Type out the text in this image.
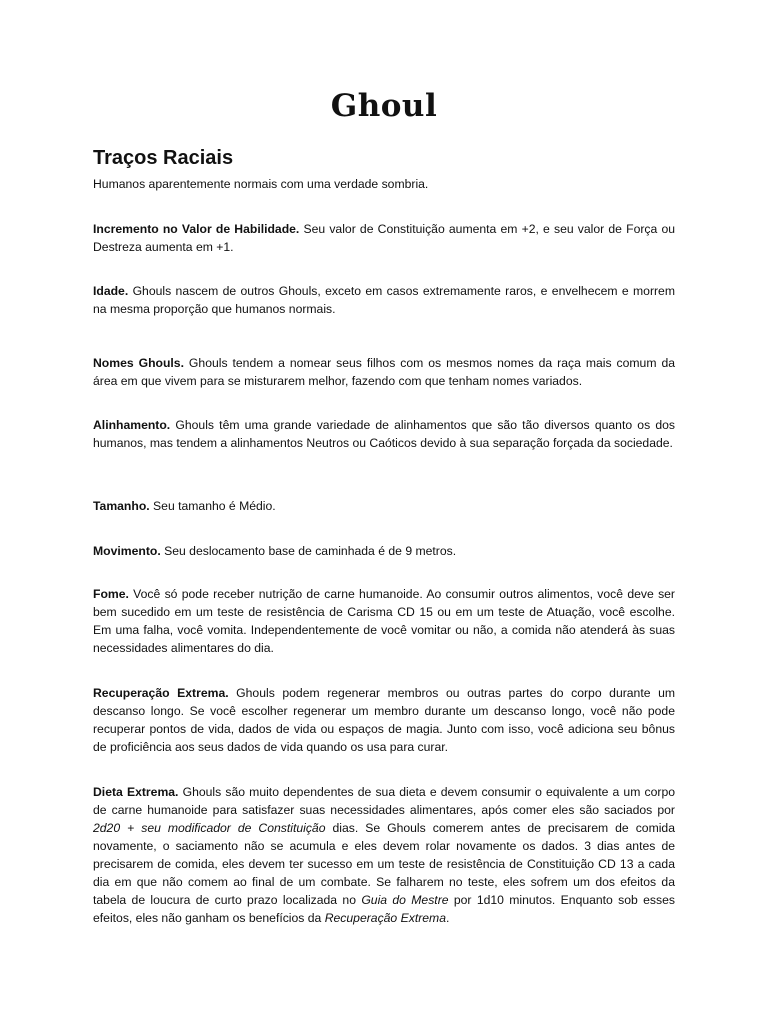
Ghoul
Traços Raciais

Humanos aparentemente normais com uma verdade sombria.

Incremento no Valor de Habilidade. Seu valor de Constituição aumenta em +2, e seu valor de Força ou Destreza aumenta em +1.

Idade. Ghouls nascem de outros Ghouls, exceto em casos extremamente raros, e envelhecem e morrem na mesma proporção que humanos normais.

Nomes Ghouls. Ghouls tendem a nomear seus filhos com os mesmos nomes da raça mais comum da área em que vivem para se misturarem melhor, fazendo com que tenham nomes variados.

Alinhamento. Ghouls têm uma grande variedade de alinhamentos que são tão diversos quanto os dos humanos, mas tendem a alinhamentos Neutros ou Caóticos devido à sua separação forçada da sociedade.

Tamanho. Seu tamanho é Médio.

Movimento. Seu deslocamento base de caminhada é de 9 metros.

Fome. Você só pode receber nutrição de carne humanoide. Ao consumir outros alimentos, você deve ser bem sucedido em um teste de resistência de Carisma CD 15 ou em um teste de Atuação, você escolhe. Em uma falha, você vomita. Independentemente de você vomitar ou não, a comida não atenderá às suas necessidades alimentares do dia.

Recuperação Extrema. Ghouls podem regenerar membros ou outras partes do corpo durante um descanso longo. Se você escolher regenerar um membro durante um descanso longo, você não pode recuperar pontos de vida, dados de vida ou espaços de magia. Junto com isso, você adiciona seu bônus de proficiência aos seus dados de vida quando os usa para curar.

Dieta Extrema. Ghouls são muito dependentes de sua dieta e devem consumir o equivalente a um corpo de carne humanoide para satisfazer suas necessidades alimentares, após comer eles são saciados por 2d20 + seu modificador de Constituição dias. Se Ghouls comerem antes de precisarem de comida novamente, o saciamento não se acumula e eles devem rolar novamente os dados. 3 dias antes de precisarem de comida, eles devem ter sucesso em um teste de resistência de Constituição CD 13 a cada dia em que não comem ao final de um combate. Se falharem no teste, eles sofrem um dos efeitos da tabela de loucura de curto prazo localizada no Guia do Mestre por 1d10 minutos. Enquanto sob esses efeitos, eles não ganham os benefícios da Recuperação Extrema.
